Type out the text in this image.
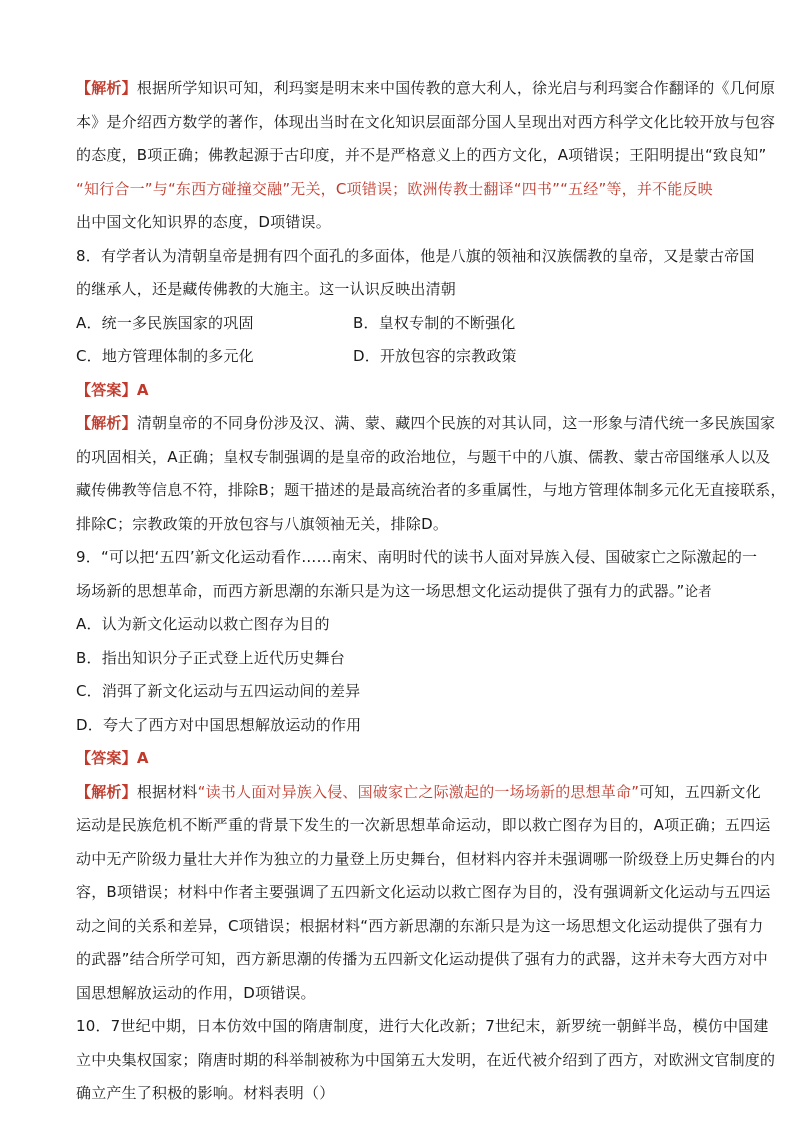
【解析】根据所学知识可知，利玛窦是明末来中国传教的意大利人，徐光启与利玛窦合作翻译的《几何原
本》是介绍西方数学的著作，体现出当时在文化知识层面部分国人呈现出对西方科学文化比较开放与包容
的态度，B项正确；佛教起源于古印度，并不是严格意义上的西方文化，A项错误；王阳明提出“致良知”
“知行合一”与“东西方碰撞交融”无关，C项错误；欧洲传教士翻译“四书”“五经”等，并不能反映
出中国文化知识界的态度，D项错误。
8．有学者认为清朝皇帝是拥有四个面孔的多面体，他是八旗的领袖和汉族儒教的皇帝，又是蒙古帝国
的继承人，还是藏传佛教的大施主。这一认识反映出清朝
A．统一多民族国家的巩固	B．皇权专制的不断强化
C．地方管理体制的多元化	D．开放包容的宗教政策
【答案】A
【解析】清朝皇帝的不同身份涉及汉、满、蒙、藏四个民族的对其认同，这一形象与清代统一多民族国家
的巩固相关，A正确；皇权专制强调的是皇帝的政治地位，与题干中的八旗、儒教、蒙古帝国继承人以及
藏传佛教等信息不符，排除B；题干描述的是最高统治者的多重属性，与地方管理体制多元化无直接联系，
排除C；宗教政策的开放包容与八旗领袖无关，排除D。
9．“可以把‘五四’新文化运动看作……南宋、南明时代的读书人面对异族入侵、国破家亡之际激起的一
场场新的思想革命，而西方新思潮的东渐只是为这一场思想文化运动提供了强有力的武器。”论者
A．认为新文化运动以救亡图存为目的
B．指出知识分子正式登上近代历史舞台
C．消弭了新文化运动与五四运动间的差异
D．夸大了西方对中国思想解放运动的作用
【答案】A
【解析】根据材料“读书人面对异族入侵、国破家亡之际激起的一场场新的思想革命”可知，五四新文化
运动是民族危机不断严重的背景下发生的一次新思想革命运动，即以救亡图存为目的，A项正确；五四运
动中无产阶级力量壮大并作为独立的力量登上历史舞台，但材料内容并未强调哪一阶级登上历史舞台的内
容，B项错误；材料中作者主要强调了五四新文化运动以救亡图存为目的，没有强调新文化运动与五四运
动之间的关系和差异，C项错误；根据材料“西方新思潮的东渐只是为这一场思想文化运动提供了强有力
的武器”结合所学可知，西方新思潮的传播为五四新文化运动提供了强有力的武器，这并未夸大西方对中
国思想解放运动的作用，D项错误。
10．7世纪中期，日本仿效中国的隋唐制度，进行大化改新；7世纪末，新罗统一朝鲜半岛，模仿中国建
立中央集权国家；隋唐时期的科举制被称为中国第五大发明，在近代被介绍到了西方，对欧洲文官制度的
确立产生了积极的影响。材料表明（）
